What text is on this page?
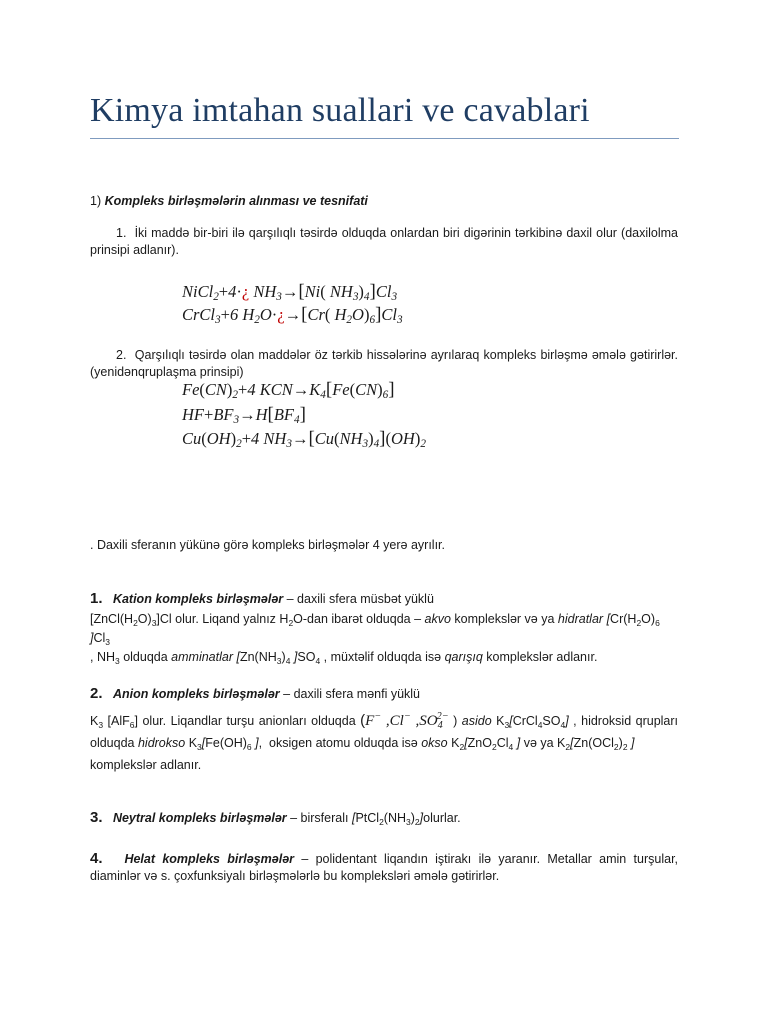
Kimya imtahan suallari ve cavablari
1) Kompleks birləşmələrin alınması ve tesnifati
1. İki maddə bir-biri ilə qarşılıqlı təsirdə olduqda onlardan biri digərinin tərkibinə daxil olur (daxilolma prinsipi adlanır).
NiCl$_2$+4·¿ $NH_3\to[Ni$( $NH_3)_4]Cl_3$
CrCl$_3$+6 $H_2O\cdot¿\to[Cr$( $H_2O)_6]Cl_3$
2. Qarşılıqlı təsirdə olan maddələr öz tərkib hissələrinə ayrılaraq kompleks birləşmə əmələ gətirirlər.(yenidənqruplaşma prinsipi)
$Fe(CN)_2+4$ $KCN\to K_4[Fe(CN)_6]$
$HF+BF_3\to H[BF_4]$
$Cu(OH)_2+4$ $NH_3\to[Cu(NH_3)_4](OH)_2$
. Daxili sferanın yükünə görə kompleks birləşmələr 4 yerə ayrılır.
1. Kation kompleks birləşmələr – daxili sfera müsbət yüklü
$[ZnCl(H_2O)_3]Cl$ olur. Liqand yalnız $H_2O$-dan ibarət olduqda – akvo komplekslər və ya hidratlar [$Cr(H_2O)_6$ ]$Cl_3$
, $NH_3$ olduqda amminatlar [$Zn(NH_3)_4$ ]$SO_4$ , müxtəlif olduqda isə qarışıq komplekslər adlanır.
2. Anion kompleks birləşmələr – daxili sfera mənfi yüklü
$K_3$ [AlF$_6$] olur. Liqandlar turşu anionları olduqda (F− ,Cl− $,SO_4^{2-}$ ) asido $K_3[CrCl_4SO_4]$ , hidroksid qrupları olduqda hidrokso $K_3[Fe(OH)_6$ ],  oksigen atomu olduqda isə okso $K_2[ZnO_2Cl_4$ ] və ya $K_2[Zn(OCl_2)_2$ ]
komplekslər adlanır.
3. Neytral kompleks birləşmələr – birsferalı $[PtCl_2(NH_3)_2]olurlar$.
4. Helat kompleks birləşmələr – polidentant liqandın iştirakı ilə yaranır. Metallar amin turşular, diaminlər və s. çoxfunksiyalı birləşmələrlə bu kompleksləri əmələ gətirirlər.
